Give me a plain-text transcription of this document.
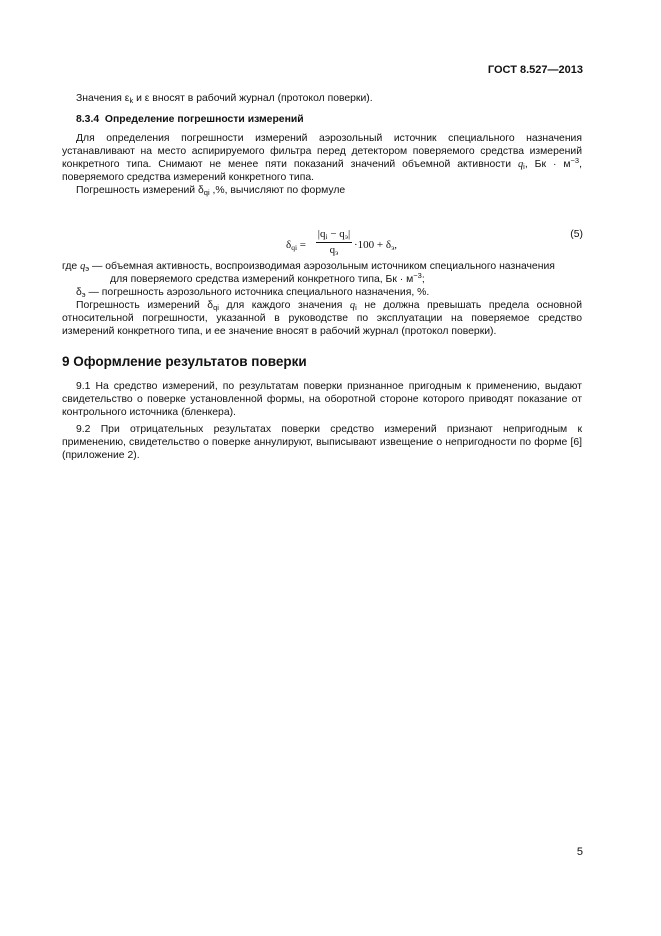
ГОСТ 8.527—2013

Значения $\varepsilon_k$ и ε вносят в рабочий журнал (протокол поверки).

8.3.4 Определение погрешности измерений

Для определения погрешности измерений аэрозольный источник специального назначения устанавливают на место аспирируемого фильтра перед детектором поверяемого средства измерений конкретного типа. Снимают не менее пяти показаний значений объемной активности $q_i$, Бк · $м^{-3}$, поверяемого средства измерений конкретного типа.

Погрешность измерений $\delta_{qi}$ ,%, вычисляют по формуле

$\delta_{qi}$ =
$|q_i - q_э|$
$q_э$
$\cdot 100 + \delta_э$,
(5)
где $q_э$ — объемная активность, воспроизводимая аэрозольным источником специального назначения
для поверяемого средства измерений конкретного типа, Бк · $м^{-3}$;
$\delta_э$ — погрешность аэрозольного источника специального назначения, %.

Погрешность измерений $\delta_{qi}$ для каждого значения $q_i$ не должна превышать предела основной относительной погрешности, указанной в руководстве по эксплуатации на поверяемое средство измерений конкретного типа, и ее значение вносят в рабочий журнал (протокол поверки).

9 Оформление результатов поверки

9.1 На средство измерений, по результатам поверки признанное пригодным к применению, выдают свидетельство о поверке установленной формы, на оборотной стороне которого приводят показание от контрольного источника (бленкера).

9.2 При отрицательных результатах поверки средство измерений признают непригодным к применению, свидетельство о поверке аннулируют, выписывают извещение о непригодности по форме [6] (приложение 2).

5
